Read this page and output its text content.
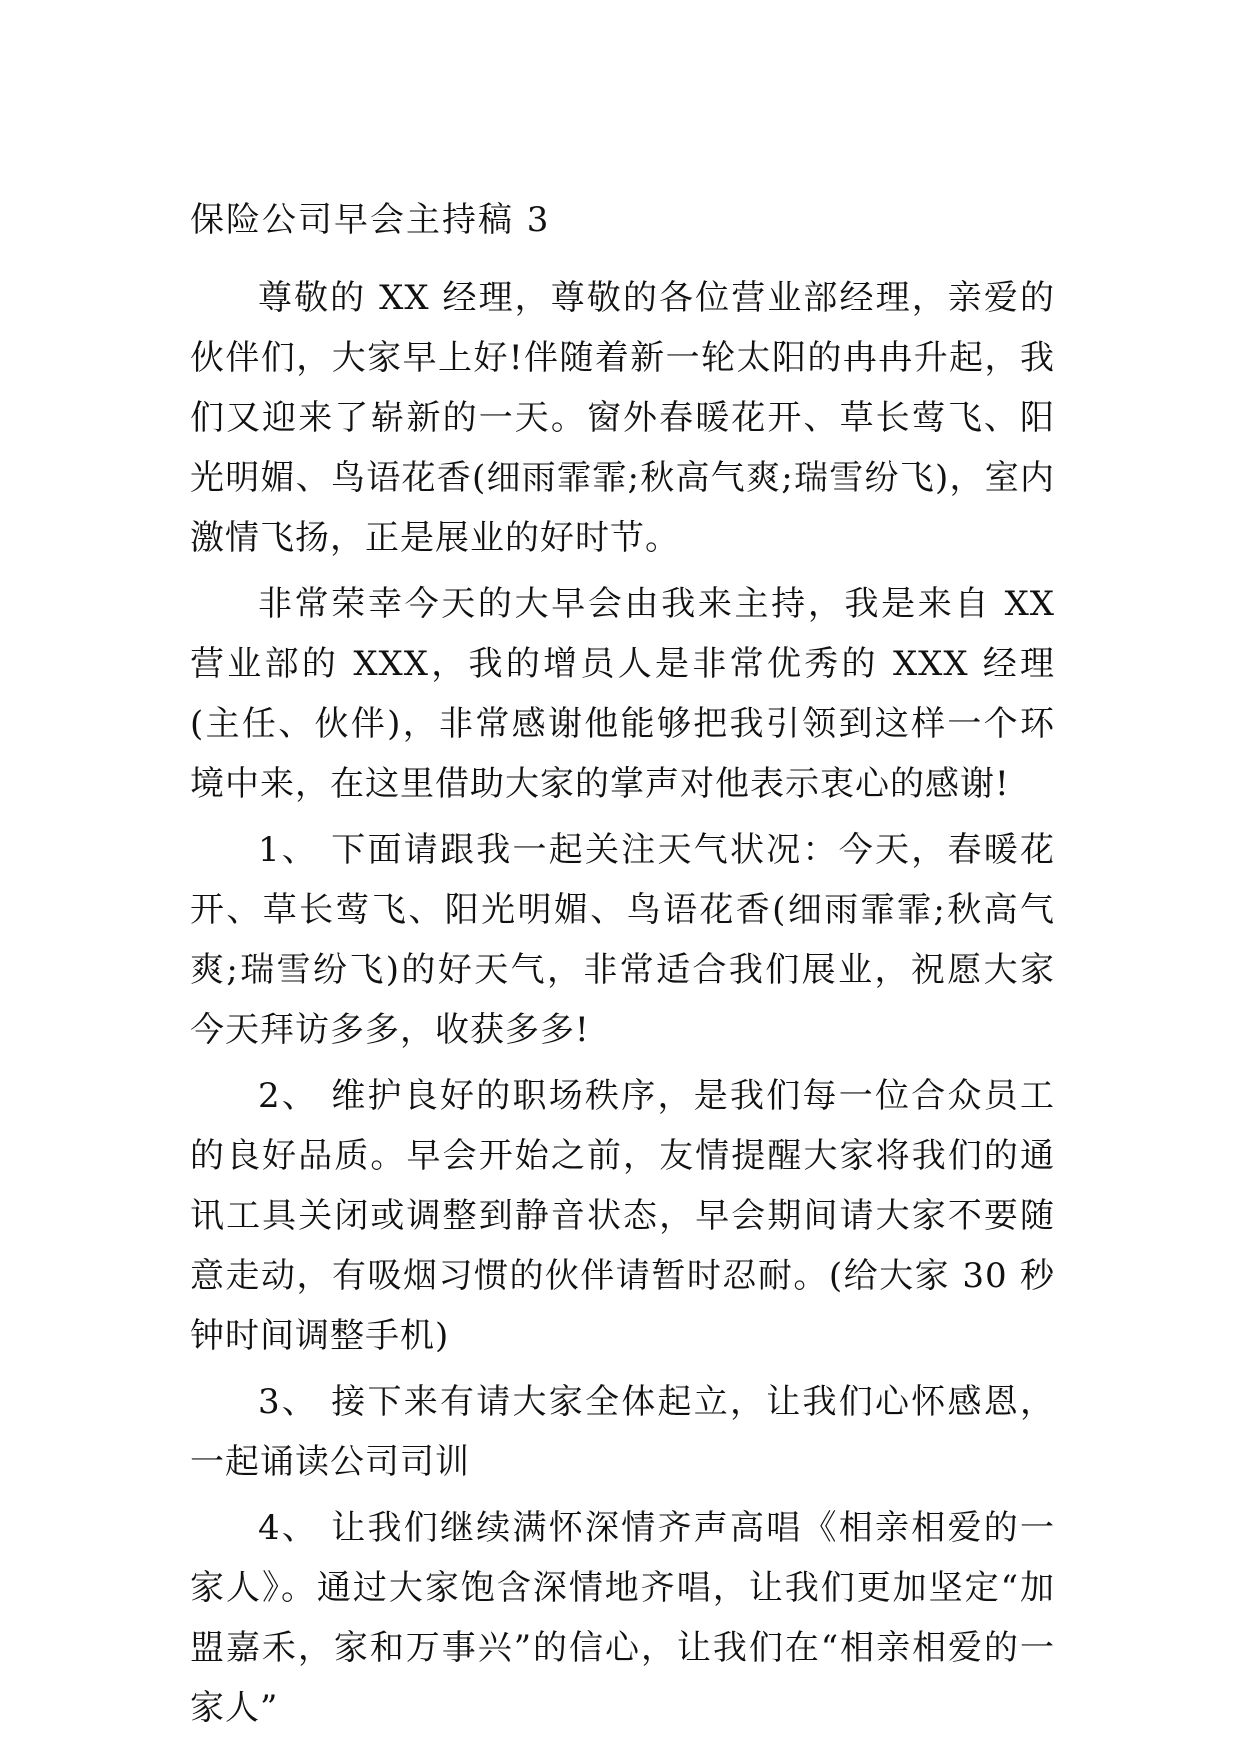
保险公司早会主持稿 3

尊敬的 XX 经理，尊敬的各位营业部经理，亲爱的伙伴们，大家早上好!伴随着新一轮太阳的冉冉升起，我们又迎来了崭新的一天。窗外春暖花开、草长莺飞、阳光明媚、鸟语花香(细雨霏霏;秋高气爽;瑞雪纷飞)，室内激情飞扬，正是展业的好时节。

非常荣幸今天的大早会由我来主持，我是来自 XX 营业部的 XXX，我的增员人是非常优秀的 XXX 经理(主任、伙伴)，非常感谢他能够把我引领到这样一个环境中来，在这里借助大家的掌声对他表示衷心的感谢!

1、 下面请跟我一起关注天气状况：今天，春暖花开、草长莺飞、阳光明媚、鸟语花香(细雨霏霏;秋高气爽;瑞雪纷飞)的好天气，非常适合我们展业，祝愿大家今天拜访多多，收获多多!

2、 维护良好的职场秩序，是我们每一位合众员工的良好品质。早会开始之前，友情提醒大家将我们的通讯工具关闭或调整到静音状态，早会期间请大家不要随意走动，有吸烟习惯的伙伴请暂时忍耐。(给大家 30 秒钟时间调整手机)

3、 接下来有请大家全体起立，让我们心怀感恩，一起诵读公司司训

4、 让我们继续满怀深情齐声高唱《相亲相爱的一家人》。通过大家饱含深情地齐唱，让我们更加坚定“加盟嘉禾，家和万事兴”的信心，让我们在“相亲相爱的一家人”
